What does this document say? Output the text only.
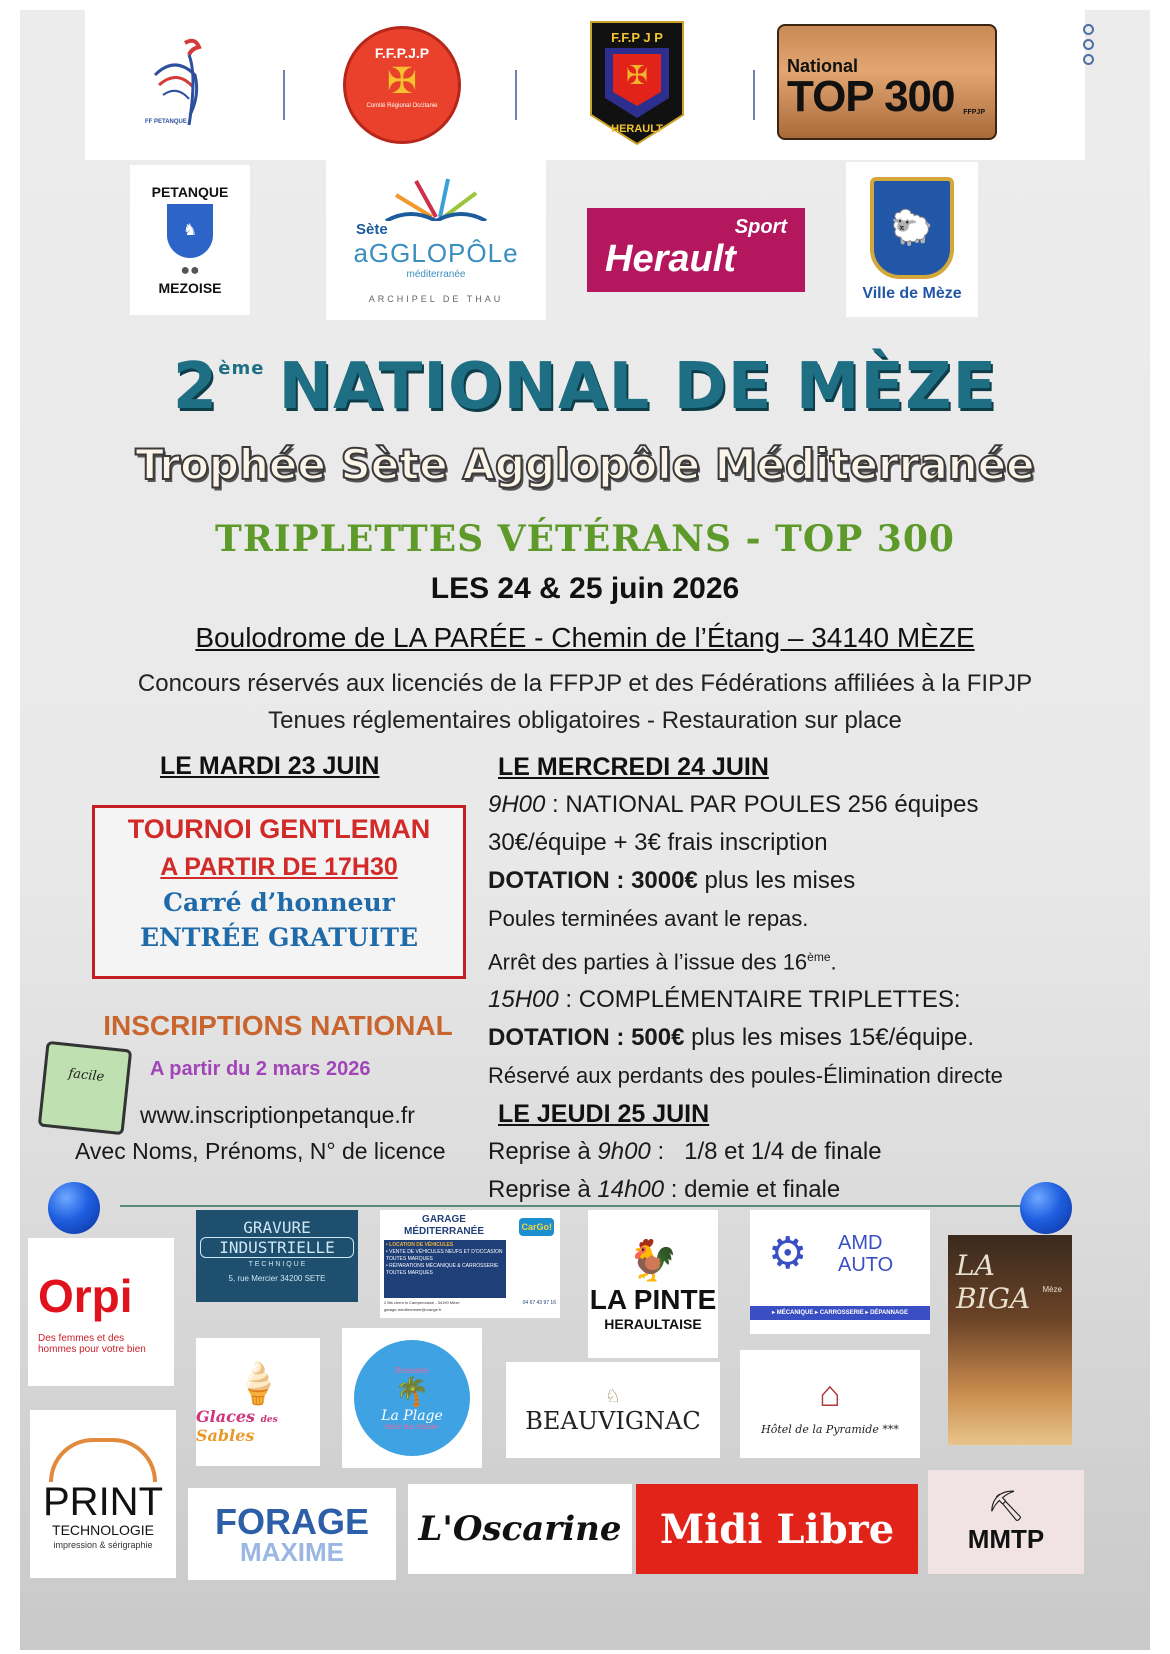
FF PETANQUE
F.F.P.J.P
✠
Comité Régional Occitanie
✠
F.F.P J P
HERAULT
National
TOP 300 FFPJP
PETANQUE
♞
●●
MEZOISE
Sète
aGGLOPÔLe
méditerranée
ARCHIPEL DE THAU
Sport
Herault
🐑
Ville de Mèze
2ème NATIONAL DE MÈZE
Trophée Sète Agglopôle Méditerranée
TRIPLETTES VÉTÉRANS - TOP 300
LES 24 & 25 juin 2026
Boulodrome de LA PARÉE - Chemin de l’Étang – 34140 MÈZE
Concours réservés aux licenciés de la FFPJP et des Fédérations affiliées à la FIPJP
Tenues réglementaires obligatoires - Restauration sur place
LE MARDI 23 JUIN
TOURNOI GENTLEMAN
A PARTIR DE 17H30
Carré d’honneur
ENTRÉE GRATUITE
INSCRIPTIONS NATIONAL
facile	A partir du 2 mars 2026
www.inscriptionpetanque.fr
Avec Noms, Prénoms, N° de licence
LE MERCREDI 24 JUIN
9H00 : NATIONAL PAR POULES 256 équipes
30€/équipe + 3€ frais inscription
DOTATION : 3000€ plus les mises
Poules terminées avant le repas.
Arrêt des parties à l’issue des 16ème.
15H00 : COMPLÉMENTAIRE TRIPLETTES:
DOTATION : 500€ plus les mises 15€/équipe.
Réservé aux perdants des poules-Élimination directe
LE JEUDI 25 JUIN
Reprise à 9h00 :   1/8 et 1/4 de finale
Reprise à 14h00 : demie et finale
Orpi
Des femmes et des hommes pour votre bien
GRAVURE
INDUSTRIELLE
T E C H N I Q U E
5, rue Mercier 34200 SETE
GARAGE
MÉDITERRANÉE
• LOCATION DE VÉHICULES
• VENTE DE VÉHICULES NEUFS ET D'OCCASION TOUTES MARQUES
• RÉPARATIONS MÉCANIQUE & CARROSSERIE TOUTES MARQUES
CarGo!
2 Bis chem in Camperousse - 34190 Mèze
garage-mediterranee@orange.fr
04 67 43 97 16
🐓
LA PINTE
HERAULTAISE
⚙ AMD
AUTO
▸ MÉCANIQUE ▸ CARROSSERIE ▸ DÉPANNAGE
LA BIGA	Mèze
🍦
Glaces des Sables
Brasserie
🌴
La Plage
Mèze Bar Glacier
♘
BEAUVIGNAC
⌂
Hôtel de la Pyramide ***
PRINT
TECHNOLOGIE
impression & sérigraphie
FORAGE
MAXIME
L'Oscarine Midi Libre	⛏
MMTP
